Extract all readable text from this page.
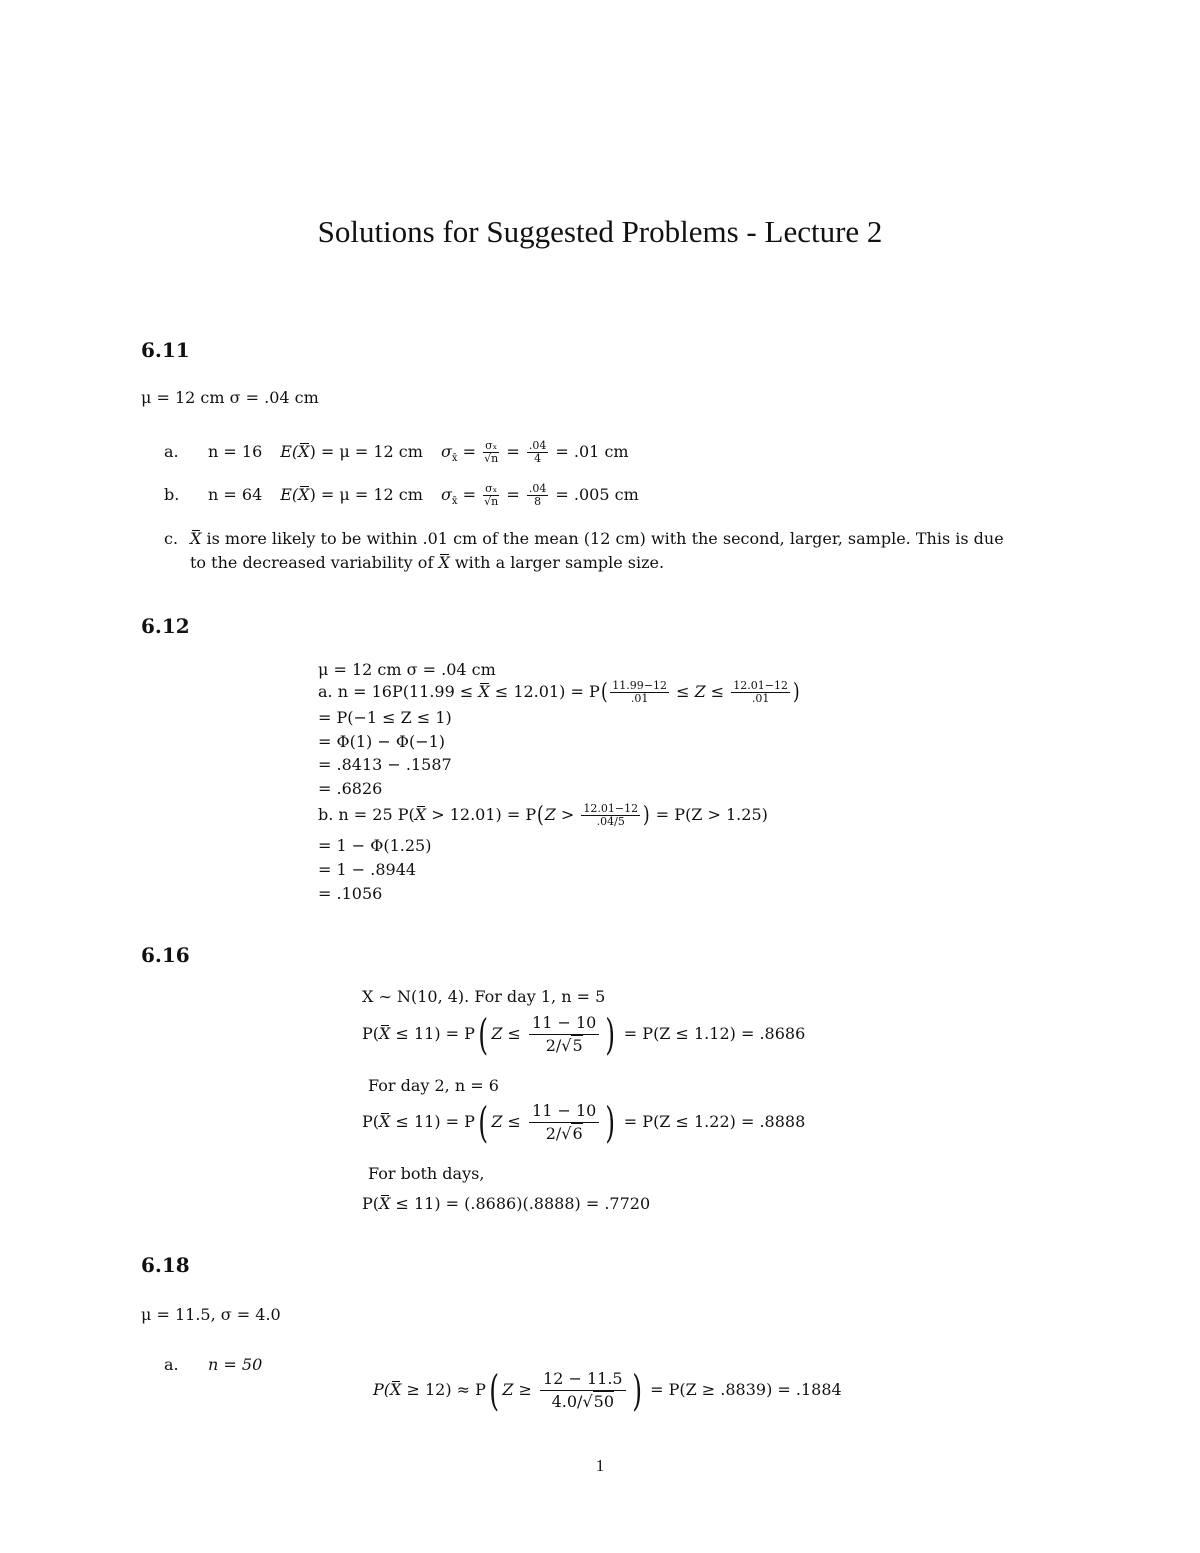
Solutions for Suggested Problems - Lecture 2
6.11
μ = 12 cm σ = .04 cm
a. n = 16 E(X) = μ = 12 cm $\sigma_{x̄} = \frac{\text{σₓ}}{√n} = \frac{.04}{4} = .01$ cm
b. n = 64 E(X) = μ = 12 cm $\sigma_{x̄} = \frac{\text{σₓ}}{√n} = \frac{.04}{8} = .005$ cm
c. X is more likely to be within .01 cm of the mean (12 cm) with the second, larger, sample. This is due
to the decreased variability of X with a larger sample size.
6.12
μ = 12 cm σ = .04 cm
a. $n = 16P(11.99 \le X \le 12.01) = P( \frac{11.99-12}{.01} \le Z \le \frac{12.01-12}{.01}$ )
= P(−1 ≤ Z ≤ 1)
= Φ(1) − Φ(−1)
= .8413 − .1587
= .6826
b. n = 25 $P(X > 12.01) = P(Z > \frac{12.01-12}{.04/5}$ ) = P(Z > 1.25)
= 1 − Φ(1.25)
= 1 − .8944
= .1056
6.16
X ∼ N(10, 4). For day 1, n = 5
P(X ≤ 11) = P( $Z \le \frac{11 - 10}{2/√5}$ ) = P(Z ≤ 1.12) = .8686
For day 2, n = 6
P(X ≤ 11) = P( $Z \le \frac{11 - 10}{2/√6}$ ) = P(Z ≤ 1.22) = .8888
For both days,
P(X ≤ 11) = (.8686)(.8888) = .7720
6.18
μ = 11.5, σ = 4.0
a. n = 50
P(X ≥ 12) ≈ P( $Z \ge \frac{12 - 11.5}{4.0/√50}$ ) = P(Z ≥ .8839) = .1884
1
